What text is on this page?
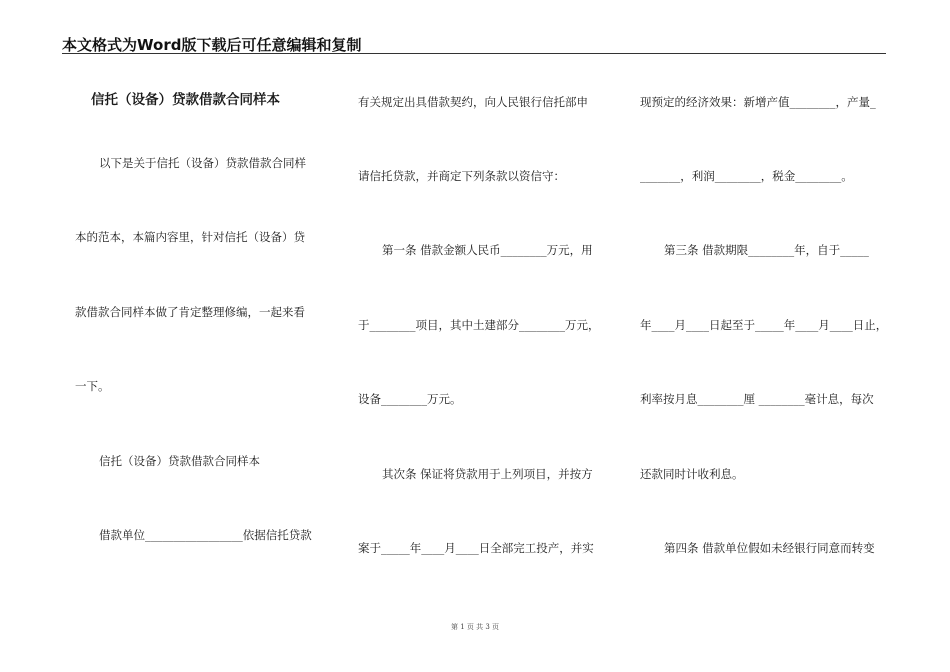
本文格式为Word版下载后可任意编辑和复制
信托（设备）贷款借款合同样本
以下是关于信托（设备）贷款借款合同样
本的范本，本篇内容里，针对信托（设备）贷
款借款合同样本做了肯定整理修编，一起来看
一下。
信托（设备）贷款借款合同样本
借款单位_________________依据信托贷款
有关规定出具借款契约，向人民银行信托部申
请信托贷款，并商定下列条款以资信守：
第一条 借款金额人民币________万元，用
于________项目，其中土建部分________万元，
设备________万元。
其次条 保证将贷款用于上列项目，并按方
案于_____年____月____日全部完工投产，并实
现预定的经济效果：新增产值________，产量_
_______，利润________，税金________。
第三条 借款期限________年，自于_____
年____月____日起至于_____年____月____日止，
利率按月息________厘 ________毫计息，每次
还款同时计收利息。
第四条 借款单位假如未经银行同意而转变
第 1 页 共 3 页
